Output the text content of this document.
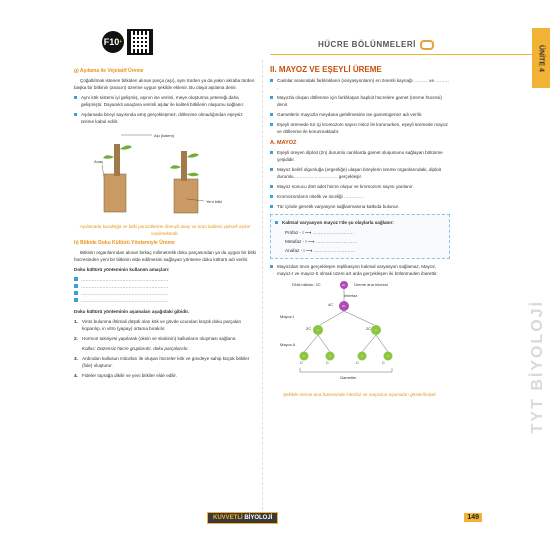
F10 +	HÜCRE BÖLÜNMELERİ	ÜNİTE 4
g) Aşılama ile Vejetatif Üreme

Çoğaltılmak istenen bitkiden alınan parça (aşı), aynı türden ya da yakın akraba türden başka bir bitkinin (anacın) üzerine uygun şekilde eklenir. Bu olaya aşılama denir.

Aynı kök sistemi iyi gelişmiş, aşının ise verimi, meye oluşturma yeteneği daha gelişmiştir. Dayanıklı anaçlara verimli aşılar ile kaliteli bitkilerin oluşumu sağlanır.
Aşılamada bireyi sayısında artış gerçekleşmez, döllenme olmadığından eşeysiz üreme kabul edilir.
Aşı (kalem)
Anaç
Yeni bitki
Aşılamada kuraklığa ve bitki parazitlerine dirençli anaç ve ürün kalitesi yüksek aşılar seçilmektedir.
h) Bitkide Doku Kültürü Yöntemiyle Üreme

Bitkinin organlarından alınan birkaç milimetrelik doku parçasından ya da uygun bir bitki hücresinden yeni bir bitkinin elde edilmesini sağlayan yönteme doku kültürü adı verilir.

Doku kültürü yönteminin kullanım amaçları:
…………………………………………………
…………………………………………………
…………………………………………………
…………………………………………………
Doku kültürü yönteminin aşamaları aşağıdaki gibidir.
1. Virüs bulunma ihtimali düşük olan kök ve gövde ucundan küçük doku parçaları koparılıp, in vitro (yapay) ortama bırakılır.
2. Hormon takviyesi yapılarak (oksin ve sitokinin) kallusların oluşması sağlanır.
Kallus: Düzensiz hücre gruplarıdır, doku parçalarıdır.
3. Ardından kallusun mitozları ile oluşan hücreler kök ve gövdeye sahip küçük bitkiler (fide) oluşturur.
4. Fideler toprağa dikilir ve yeni bitkiler elde edilir.
II. MAYOZ VE EŞEYLİ ÜREME
Canlılar arasındaki farklılıkların (varyasyonların) en önemli kaynağı ……… ve ……… .
Mayozla oluşan döllenme için farklılaşan haploit hücrelere gamet (üreme hücresi) denir.
Gametlerin mayozla meydana getirilmesine ise gametogenez adı verilir.
Eşeyli üremede tür içi kromozom sayısı mitoz ile korunurken, eşeyli üremede mayoz ve döllenme ile korunmaktadır.
A. MAYOZ
Eşeyli üreyen diploit (2n) durumlu canlılarda gamet oluşumunu sağlayan bölünme çeşididir.
Mayoz belirli olgunluğa (ergenliğe) ulaşan bireylerin üreme organlarındaki, diploit durumlu ………… …………… gerçekleşir.
Mayoz sonucu dört adet hücre oluşur ve kromozom sayısı yarılanır.
Kromozomların nitelik ve niceliği ………… .
Tür içinde genetik varyasyon sağlanmasına katkıda bulunur.
Kalıtsal varyasyon mayoz I'de şu olaylarla sağlanır:
Profaz - I ⟶ ………………………
Metafaz - I ⟶ ………………………
Anafaz - I ⟶ ………………………
Mayozdan önce gerçekleşen replikasyon kalıtsal varyasyon sağlamaz, Mayoz, mayoz-I ve mayoz-II olmak üzere art arda gerçekleşen iki bölünmeden ibarettir.
DNA miktarı: 2C	Üreme ana hücresi
İnterfaz
Mayoz-I
Mayoz-II
4C
2C	2C
C	C	C	C
Gametler
2n
2n
n	n
n	n	n	n
Şekilde üreme ana hücresinde interfaz ve mayozun aşamaları gösterilmiştir.	TYT BİYOLOJİ
KUVVETLİ BİYOLOJİ	149
